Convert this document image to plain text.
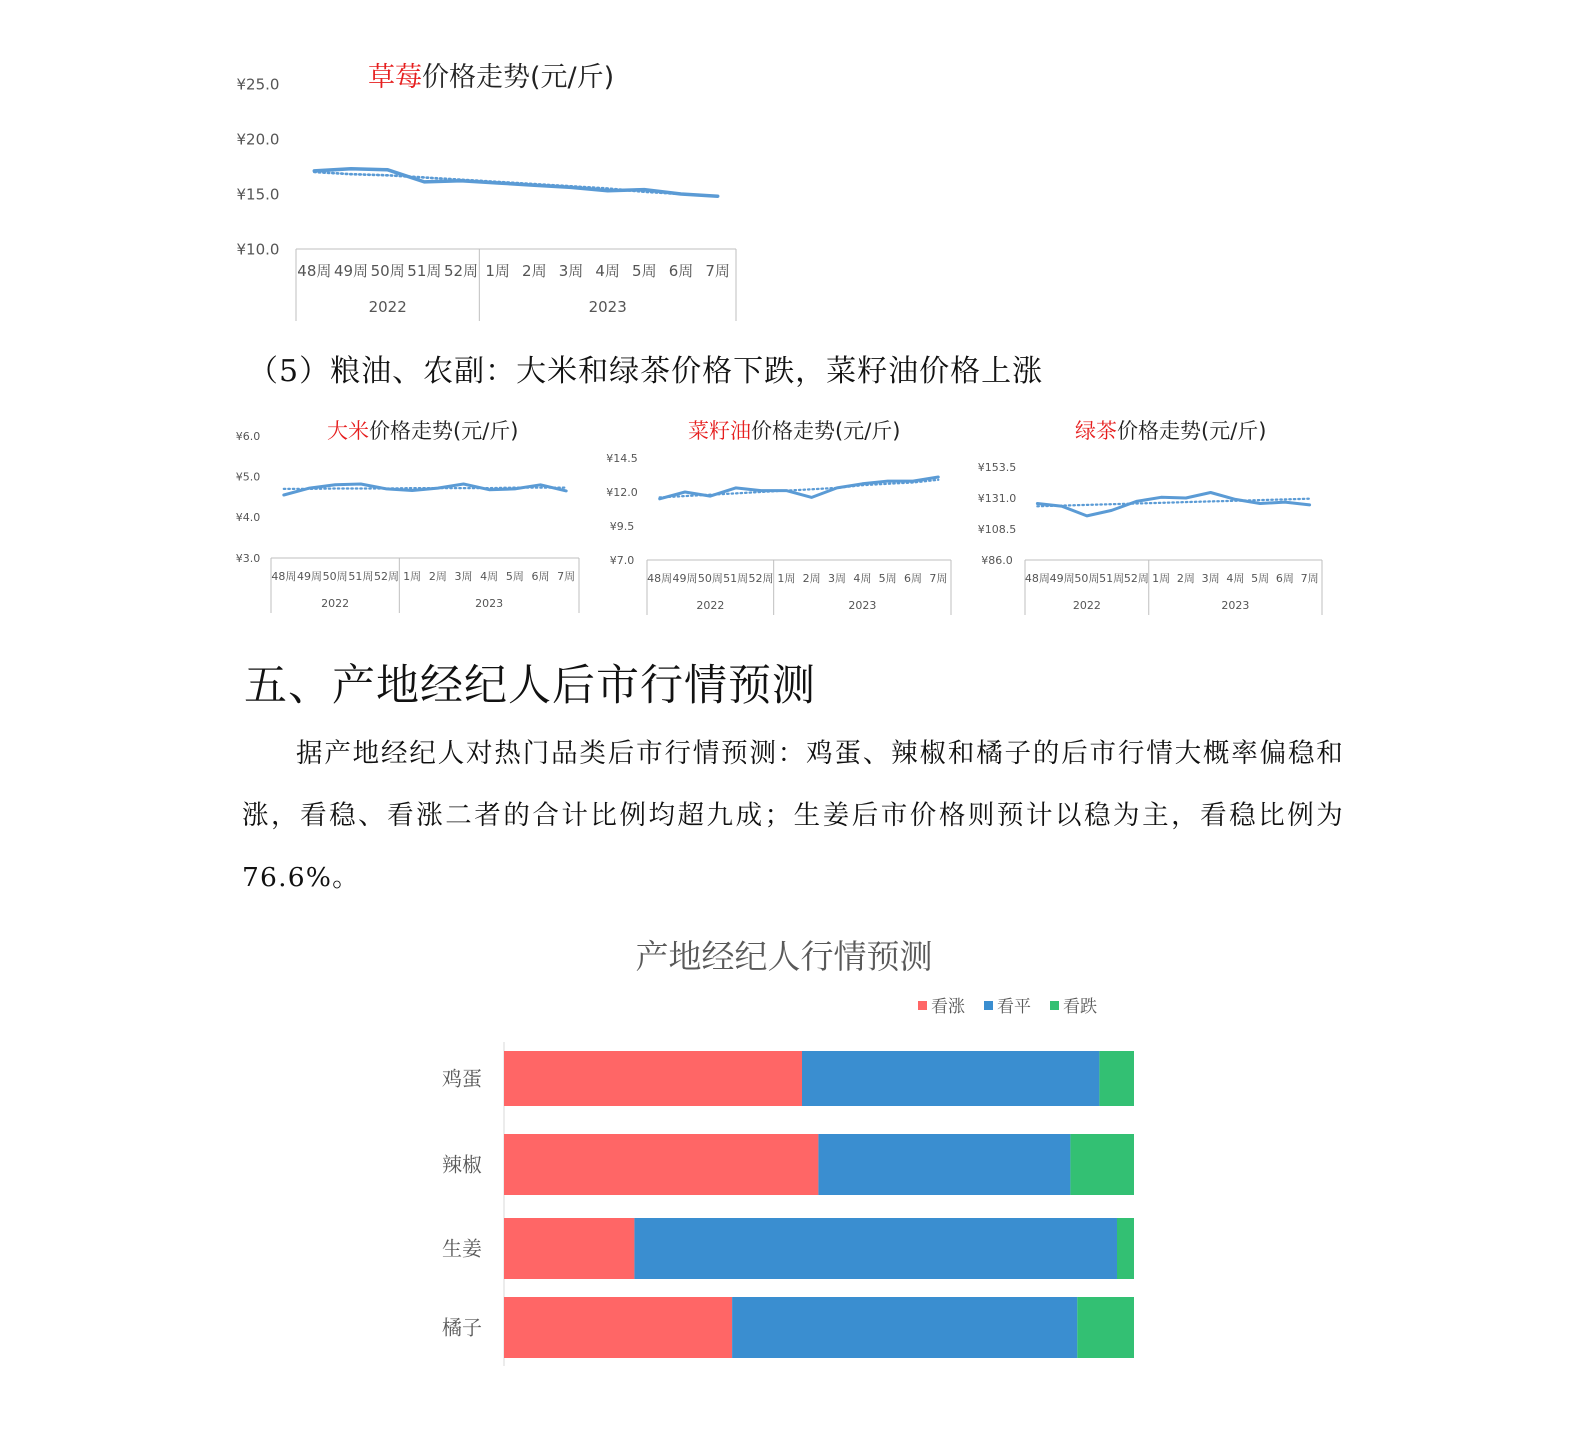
草莓价格走势(元/斤)
¥10.0
¥15.0
¥20.0
¥25.0
48周 49周 50周 51周 52周 1周 2周 3周 4周 5周 6周 7周
2022	2023
（5）粮油、农副：大米和绿茶价格下跌，菜籽油价格上涨
大米价格走势(元/斤)
¥3.0
¥4.0
¥5.0
¥6.0
48周 49周 50周 51周 52周 1周 2周 3周 4周 5周 6周 7周
2022	2023
菜籽油价格走势(元/斤)
¥7.0
¥9.5
¥12.0
¥14.5
48周 49周 50周 51周 52周 1周 2周 3周 4周 5周 6周 7周
2022	2023
绿茶价格走势(元/斤)
¥86.0
¥108.5
¥131.0
¥153.5
48周 49周 50周 51周 52周 1周 2周 3周 4周 5周 6周 7周
2022	2023
五、产地经纪人后市行情预测

据产地经纪人对热门品类后市行情预测：鸡蛋、辣椒和橘子的后市行情大概率偏稳和涨，看稳、看涨二者的合计比例均超九成；生姜后市价格则预计以稳为主，看稳比例为76.6%。

产地经纪人行情预测
看涨 看平 看跌
鸡蛋
辣椒
生姜
橘子
